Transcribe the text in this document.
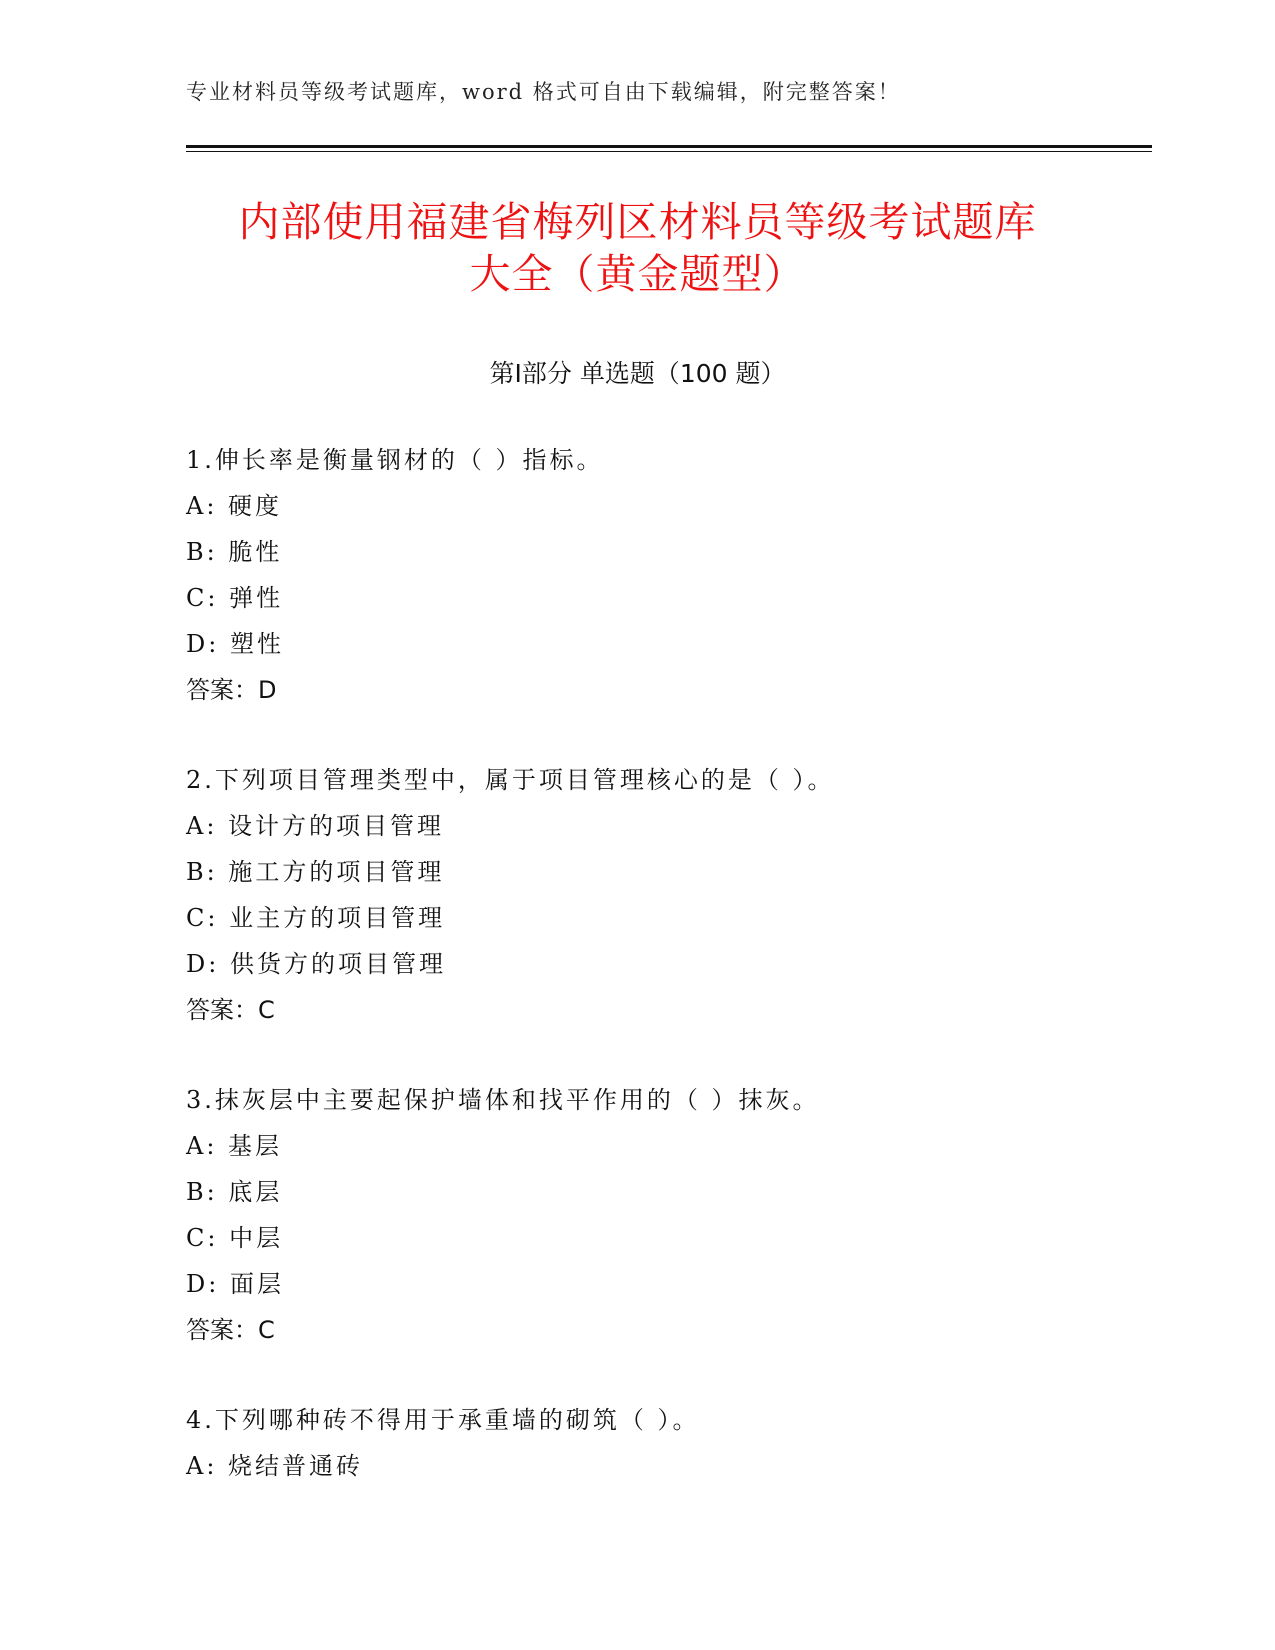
专业材料员等级考试题库，word 格式可自由下载编辑，附完整答案！
内部使用福建省梅列区材料员等级考试题库
大全（黄金题型）
第Ⅰ部分 单选题（100 题）
1.伸长率是衡量钢材的（ ）指标。
A: 硬度
B: 脆性
C: 弹性
D: 塑性
答案：D
2.下列项目管理类型中，属于项目管理核心的是（ ）。
A: 设计方的项目管理
B: 施工方的项目管理
C: 业主方的项目管理
D: 供货方的项目管理
答案：C
3.抹灰层中主要起保护墙体和找平作用的（ ）抹灰。
A: 基层
B: 底层
C: 中层
D: 面层
答案：C
4.下列哪种砖不得用于承重墙的砌筑（ ）。
A: 烧结普通砖
